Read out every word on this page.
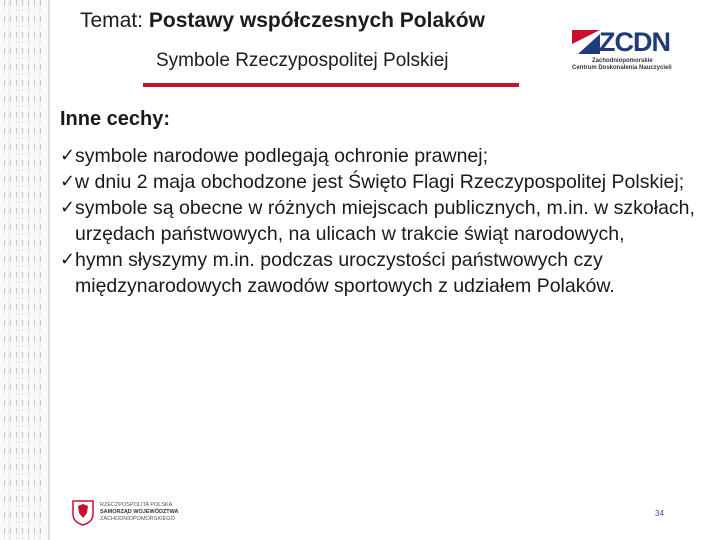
Temat: Postawy współczesnych Polaków
Symbole Rzeczypospolitej Polskiej
ZCDN
Zachodniopomorskie
Centrum Doskonalenia Nauczycieli
Inne cechy:
✓ symbole narodowe podlegają ochronie prawnej;
✓ w dniu 2 maja obchodzone jest Święto Flagi Rzeczypospolitej Polskiej;
✓ symbole są obecne w różnych miejscach publicznych, m.in. w szkołach, urzędach państwowych, na ulicach w trakcie świąt narodowych,
✓ hymn słyszymy m.in. podczas uroczystości państwowych czy międzynarodowych zawodów sportowych z udziałem Polaków.
RZECZPOSPOLITA POLSKA
SAMORZĄD WOJEWÓDZTWA
ZACHODNIOPOMORSKIEGO
34
